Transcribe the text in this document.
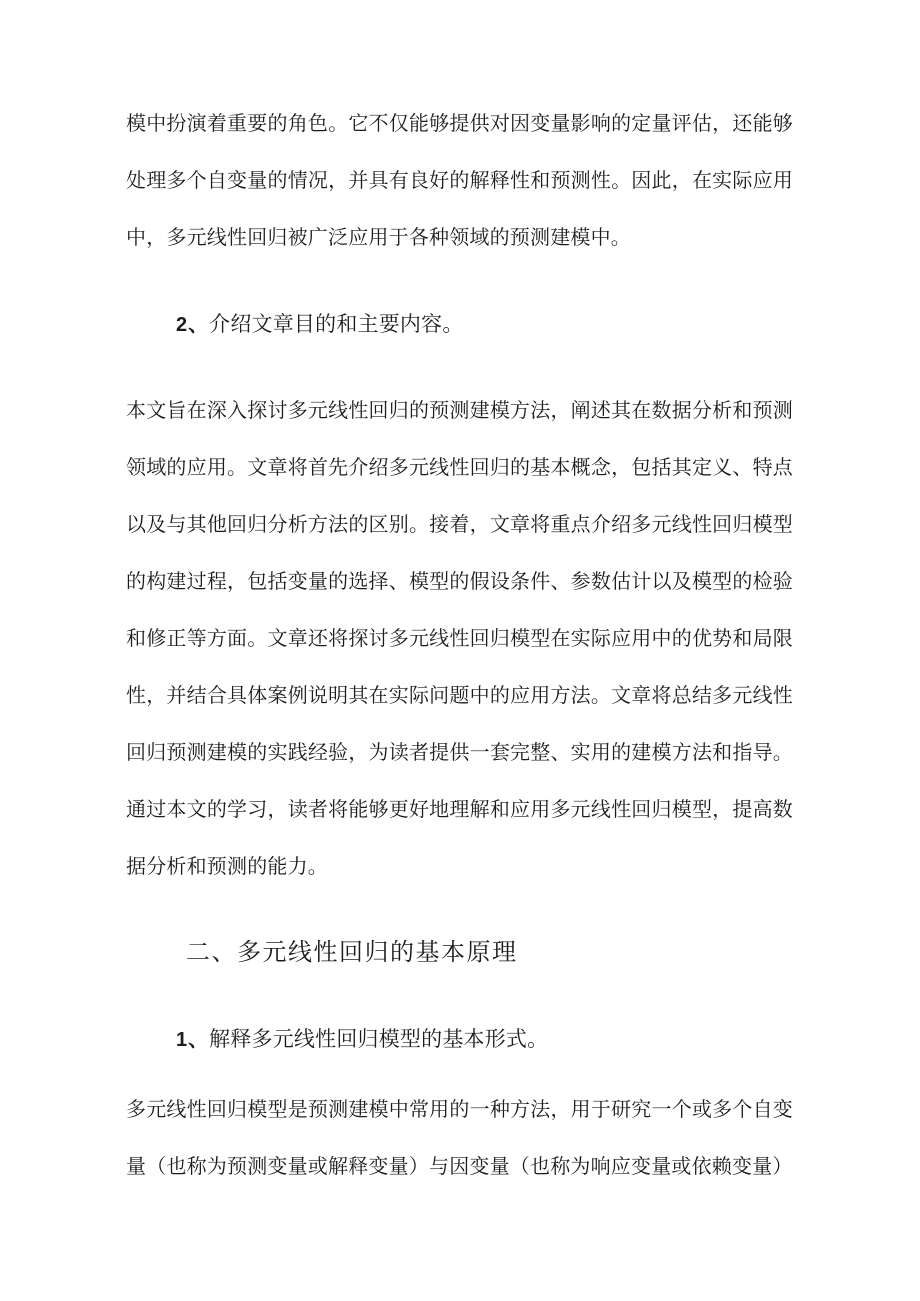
模中扮演着重要的角色。它不仅能够提供对因变量影响的定量评估，还能够处理多个自变量的情况，并具有良好的解释性和预测性。因此，在实际应用中，多元线性回归被广泛应用于各种领域的预测建模中。

2、介绍文章目的和主要内容。

本文旨在深入探讨多元线性回归的预测建模方法，阐述其在数据分析和预测领域的应用。文章将首先介绍多元线性回归的基本概念，包括其定义、特点以及与其他回归分析方法的区别。接着，文章将重点介绍多元线性回归模型的构建过程，包括变量的选择、模型的假设条件、参数估计以及模型的检验和修正等方面。文章还将探讨多元线性回归模型在实际应用中的优势和局限性，并结合具体案例说明其在实际问题中的应用方法。文章将总结多元线性回归预测建模的实践经验，为读者提供一套完整、实用的建模方法和指导。通过本文的学习，读者将能够更好地理解和应用多元线性回归模型，提高数据分析和预测的能力。

二、多元线性回归的基本原理

1、解释多元线性回归模型的基本形式。

多元线性回归模型是预测建模中常用的一种方法，用于研究一个或多个自变量（也称为预测变量或解释变量）与因变量（也称为响应变量或依赖变量）
